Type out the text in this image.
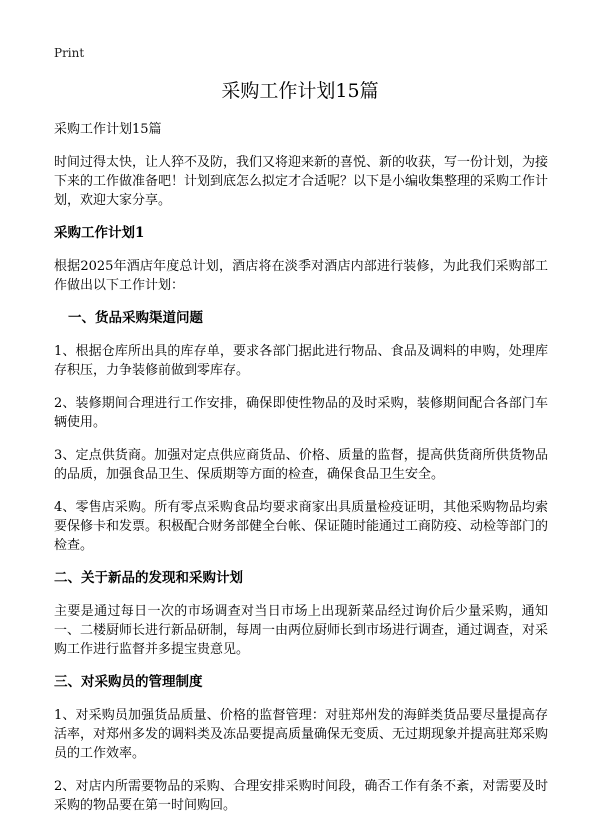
Print
采购工作计划15篇

采购工作计划15篇

时间过得太快，让人猝不及防，我们又将迎来新的喜悦、新的收获，写一份计划，为接下来的工作做准备吧！计划到底怎么拟定才合适呢？以下是小编收集整理的采购工作计划，欢迎大家分享。

采购工作计划1

根据2025年酒店年度总计划，酒店将在淡季对酒店内部进行装修，为此我们采购部工作做出以下工作计划：

一、货品采购渠道问题

1、根据仓库所出具的库存单，要求各部门据此进行物品、食品及调料的申购，处理库存积压，力争装修前做到零库存。

2、装修期间合理进行工作安排，确保即使性物品的及时采购，装修期间配合各部门车辆使用。

3、定点供货商。加强对定点供应商货品、价格、质量的监督，提高供货商所供货物品的品质，加强食品卫生、保质期等方面的检查，确保食品卫生安全。

4、零售店采购。所有零点采购食品均要求商家出具质量检疫证明，其他采购物品均索要保修卡和发票。积极配合财务部健全台帐、保证随时能通过工商防疫、动检等部门的检查。

二、关于新品的发现和采购计划

主要是通过每日一次的市场调查对当日市场上出现新菜品经过询价后少量采购，通知一、二楼厨师长进行新品研制，每周一由两位厨师长到市场进行调查，通过调查，对采购工作进行监督并多提宝贵意见。

三、对采购员的管理制度

1、对采购员加强货品质量、价格的监督管理：对驻郑州发的海鲜类货品要尽量提高存活率，对郑州多发的调料类及冻品要提高质量确保无变质、无过期现象并提高驻郑采购员的工作效率。

2、对店内所需要物品的采购、合理安排采购时间段，确否工作有条不紊，对需要及时采购的物品要在第一时间购回。
